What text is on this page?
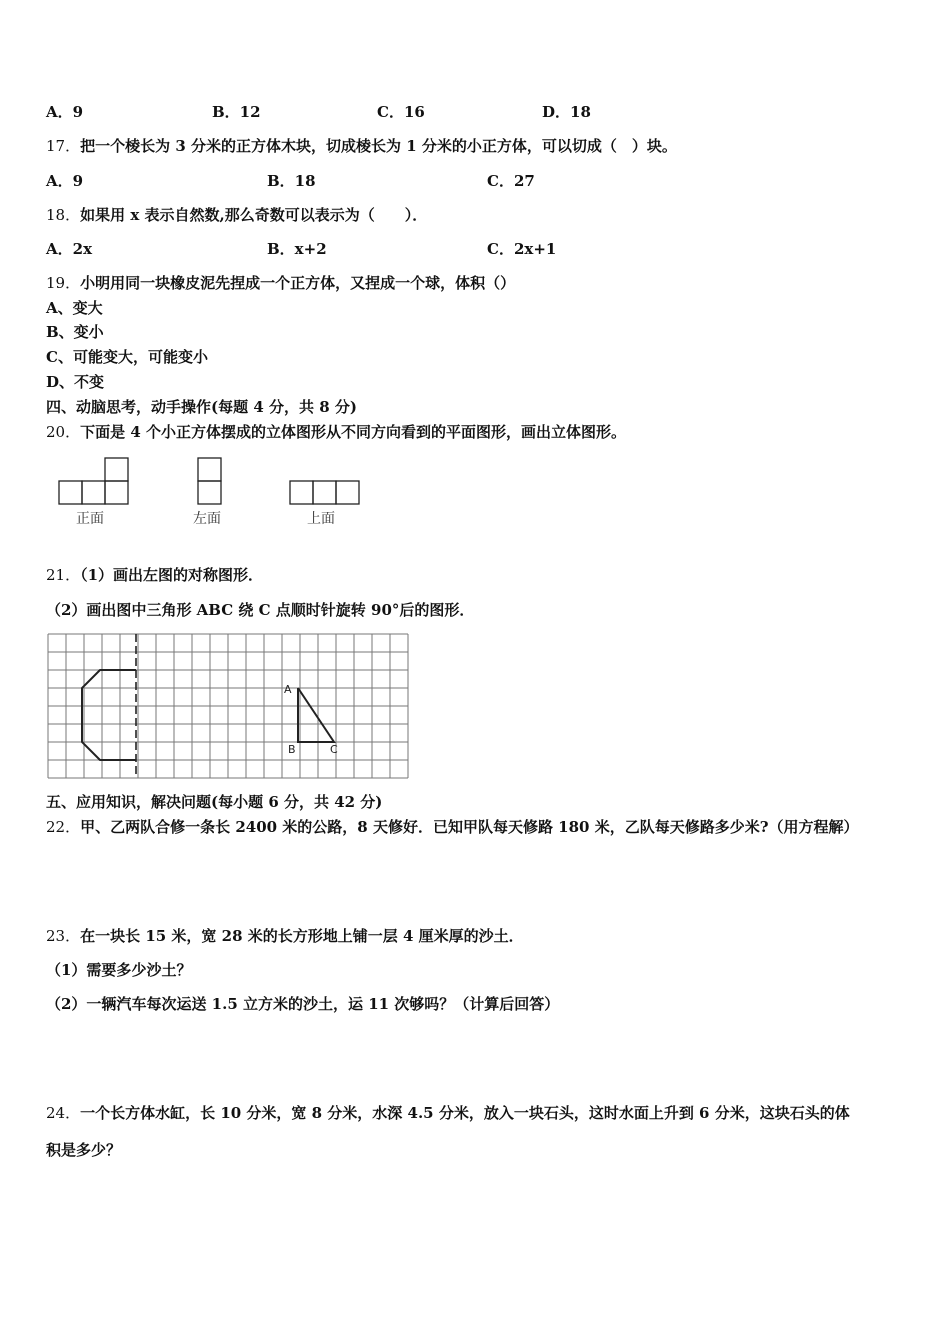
A．9	B．12	C．16	D．18
17．把一个棱长为 3 分米的正方体木块，切成棱长为 1 分米的小正方体，可以切成（　）块。
A．9	B．18	C．27
18．如果用 x 表示自然数,那么奇数可以表示为（　　）．
A．2x	B．x+2	C．2x+1
19．小明用同一块橡皮泥先捏成一个正方体，又捏成一个球，体积（）
A、变大
B、变小
C、可能变大，可能变小
D、不变
四、动脑思考，动手操作(每题 4 分，共 8 分)
20．下面是 4 个小正方体摆成的立体图形从不同方向看到的平面图形，画出立体图形。
正面	左面	上面
21．（1）画出左图的对称图形．
（2）画出图中三角形 ABC 绕 C 点顺时针旋转 90°后的图形．
A
B	C
五、应用知识，解决问题(每小题 6 分，共 42 分)
22．甲、乙两队合修一条长 2400 米的公路，8 天修好．已知甲队每天修路 180 米，乙队每天修路多少米?（用方程解）
23．在一块长 15 米，宽 28 米的长方形地上铺一层 4 厘米厚的沙土．
（1）需要多少沙土？
（2）一辆汽车每次运送 1.5 立方米的沙土，运 11 次够吗？（计算后回答）
24．一个长方体水缸，长 10 分米，宽 8 分米，水深 4.5 分米，放入一块石头，这时水面上升到 6 分米，这块石头的体
积是多少？
